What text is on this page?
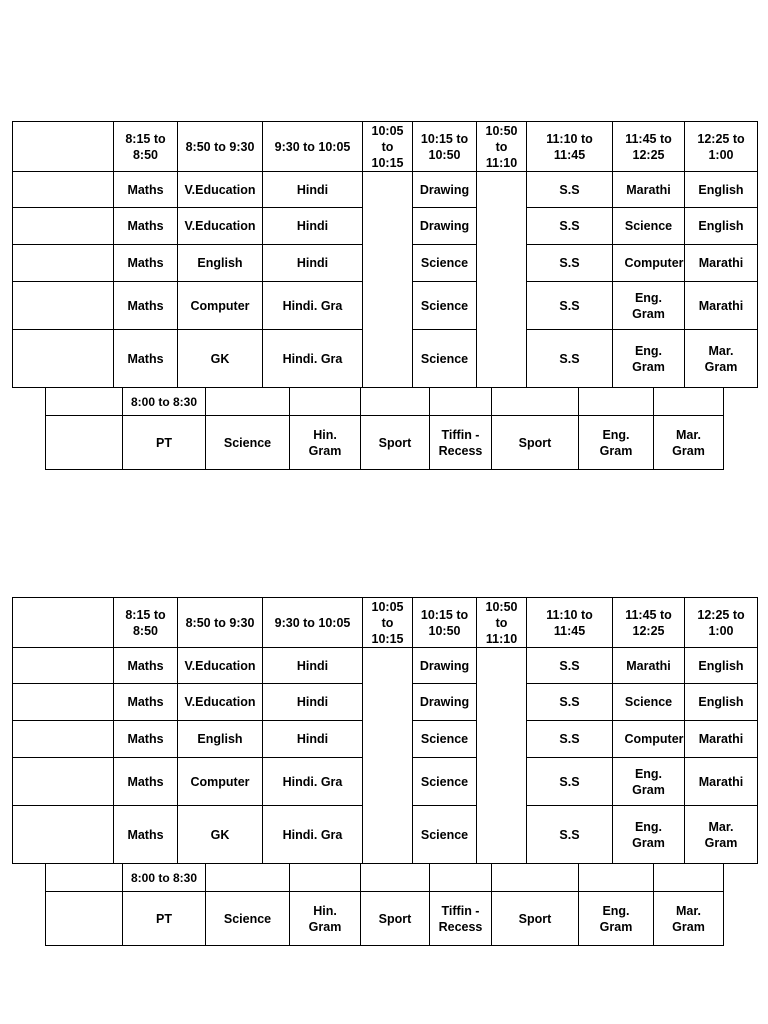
	8:15 to 8:50	8:50 to 9:30	9:30 to 10:05	10:05 to 10:15	10:15 to 10:50	10:50 to 11:10	11:10 to 11:45	11:45 to 12:25	12:25 to 1:00

	Maths	V.Education	Hindi		Drawing		S.S	Marathi	English

	Maths	V.Education	Hindi		Drawing		S.S	Science	English

	Maths	English	Hindi		Science		S.S	Computer	Marathi

	Maths	Computer	Hindi. Gra		Science		S.S	Eng. Gram	Marathi

	Maths	GK	Hindi. Gra		Science		S.S	Eng. Gram	Mar. Gram

	8:00 to 8:30							

	PT	Science	Hin. Gram	Sport	Tiffin - Recess	Sport	Eng. Gram	Mar. Gram

	8:15 to 8:50	8:50 to 9:30	9:30 to 10:05	10:05 to 10:15	10:15 to 10:50	10:50 to 11:10	11:10 to 11:45	11:45 to 12:25	12:25 to 1:00

	Maths	V.Education	Hindi		Drawing		S.S	Marathi	English

	Maths	V.Education	Hindi		Drawing		S.S	Science	English

	Maths	English	Hindi		Science		S.S	Computer	Marathi

	Maths	Computer	Hindi. Gra		Science		S.S	Eng. Gram	Marathi

	Maths	GK	Hindi. Gra		Science		S.S	Eng. Gram	Mar. Gram

	8:00 to 8:30							

	PT	Science	Hin. Gram	Sport	Tiffin - Recess	Sport	Eng. Gram	Mar. Gram
